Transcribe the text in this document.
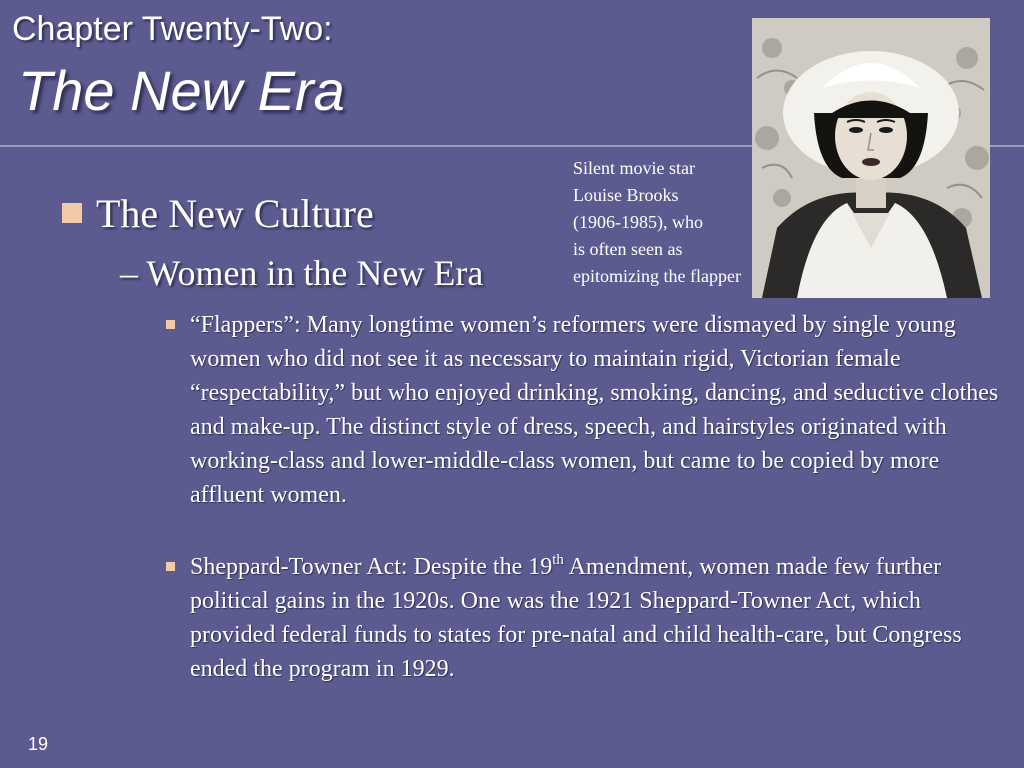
Chapter Twenty-Two:
The New Era
Silent movie star
Louise Brooks
(1906-1985), who
is often seen as
epitomizing the flapper
The New Culture
– Women in the New Era
“Flappers”: Many longtime women’s reformers were dismayed by single young women who did not see it as necessary to maintain rigid, Victorian female “respectability,” but who enjoyed drinking, smoking, dancing, and seductive clothes and make-up. The distinct style of dress, speech, and hairstyles originated with working-class and lower-middle-class women, but came to be copied by more affluent women.
Sheppard-Towner Act: Despite the 19th Amendment, women made few further political gains in the 1920s. One was the 1921 Sheppard-Towner Act, which provided federal funds to states for pre-natal and child health-care, but Congress ended the program in 1929.
19
